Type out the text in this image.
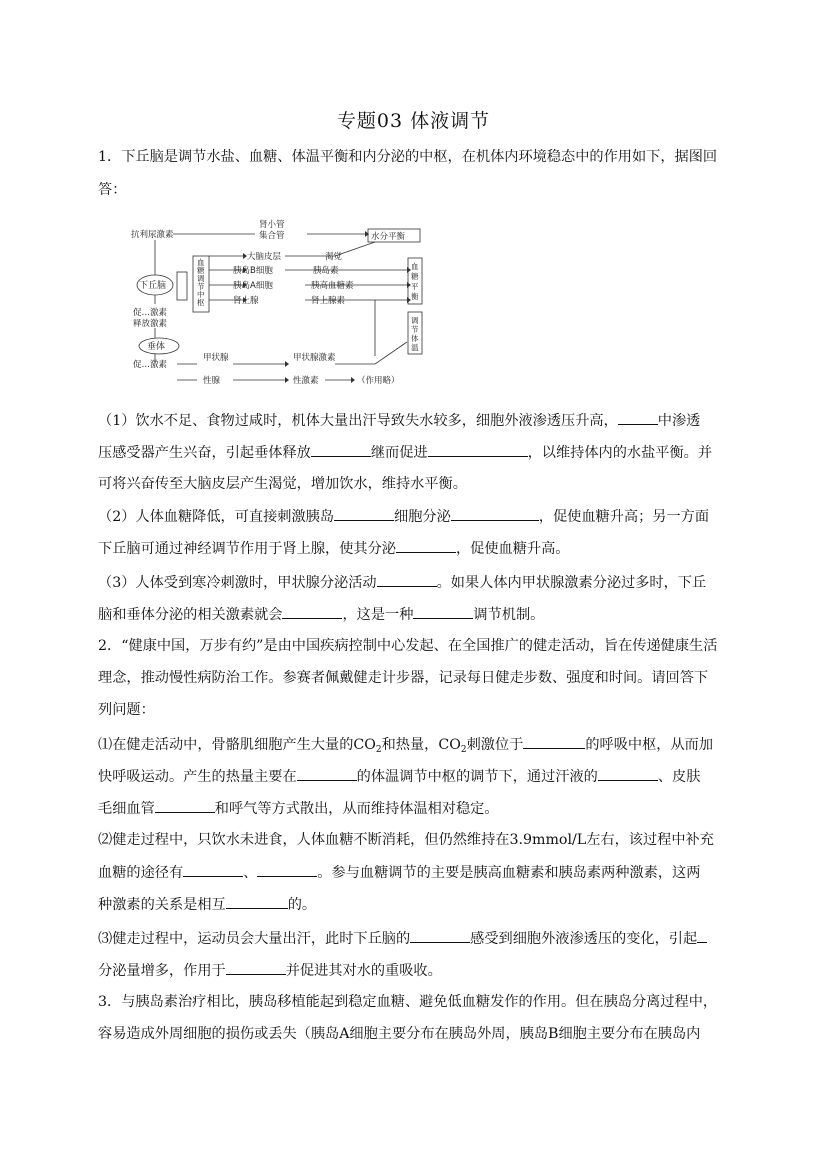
专题03 体液调节
1．下丘脑是调节水盐、血糖、体温平衡和内分泌的中枢，在机体内环境稳态中的作用如下，据图回
答：
抗利尿激素
肾小管
集合管	水分平衡
大脑皮层	渴觉
胰岛B细胞	胰岛素
胰岛A细胞	胰高血糖素
肾上腺	肾上腺素
下丘脑
促…激素
释放激素
垂体
促…激素
甲状腺	甲状腺激素
性腺	性激素	（作用略）
血
糖
调
节
中
枢
血
糖
平
衡
调
节
体
温
（1）饮水不足、食物过咸时，机体大量出汗导致失水较多，细胞外液渗透压升高，	中渗透
压感受器产生兴奋，引起垂体释放	继而促进	，以维持体内的水盐平衡。并
可将兴奋传至大脑皮层产生渴觉，增加饮水，维持水平衡。
（2）人体血糖降低，可直接刺激胰岛	细胞分泌	，促使血糖升高；另一方面
下丘脑可通过神经调节作用于肾上腺，使其分泌	，促使血糖升高。
（3）人体受到寒冷刺激时，甲状腺分泌活动	。如果人体内甲状腺激素分泌过多时，下丘
脑和垂体分泌的相关激素就会	，这是一种	调节机制。
2．“健康中国，万步有约”是由中国疾病控制中心发起、在全国推广的健走活动，旨在传递健康生活
理念，推动慢性病防治工作。参赛者佩戴健走计步器，记录每日健走步数、强度和时间。请回答下
列问题：
⑴在健走活动中，骨骼肌细胞产生大量的$CO_2$和热量，$CO_2$刺激位于	的呼吸中枢，从而加
快呼吸运动。产生的热量主要在	的体温调节中枢的调节下，通过汗液的	、皮肤
毛细血管	和呼气等方式散出，从而维持体温相对稳定。
⑵健走过程中，只饮水未进食，人体血糖不断消耗，但仍然维持在3.9mmol/L左右，该过程中补充
血糖的途径有	、	。参与血糖调节的主要是胰高血糖素和胰岛素两种激素，这两
种激素的关系是相互	的。
⑶健走过程中，运动员会大量出汗，此时下丘脑的	感受到细胞外液渗透压的变化，引起
分泌量增多，作用于	并促进其对水的重吸收。
3．与胰岛素治疗相比，胰岛移植能起到稳定血糖、避免低血糖发作的作用。但在胰岛分离过程中，
容易造成外周细胞的损伤或丢失（胰岛A细胞主要分布在胰岛外周，胰岛B细胞主要分布在胰岛内
